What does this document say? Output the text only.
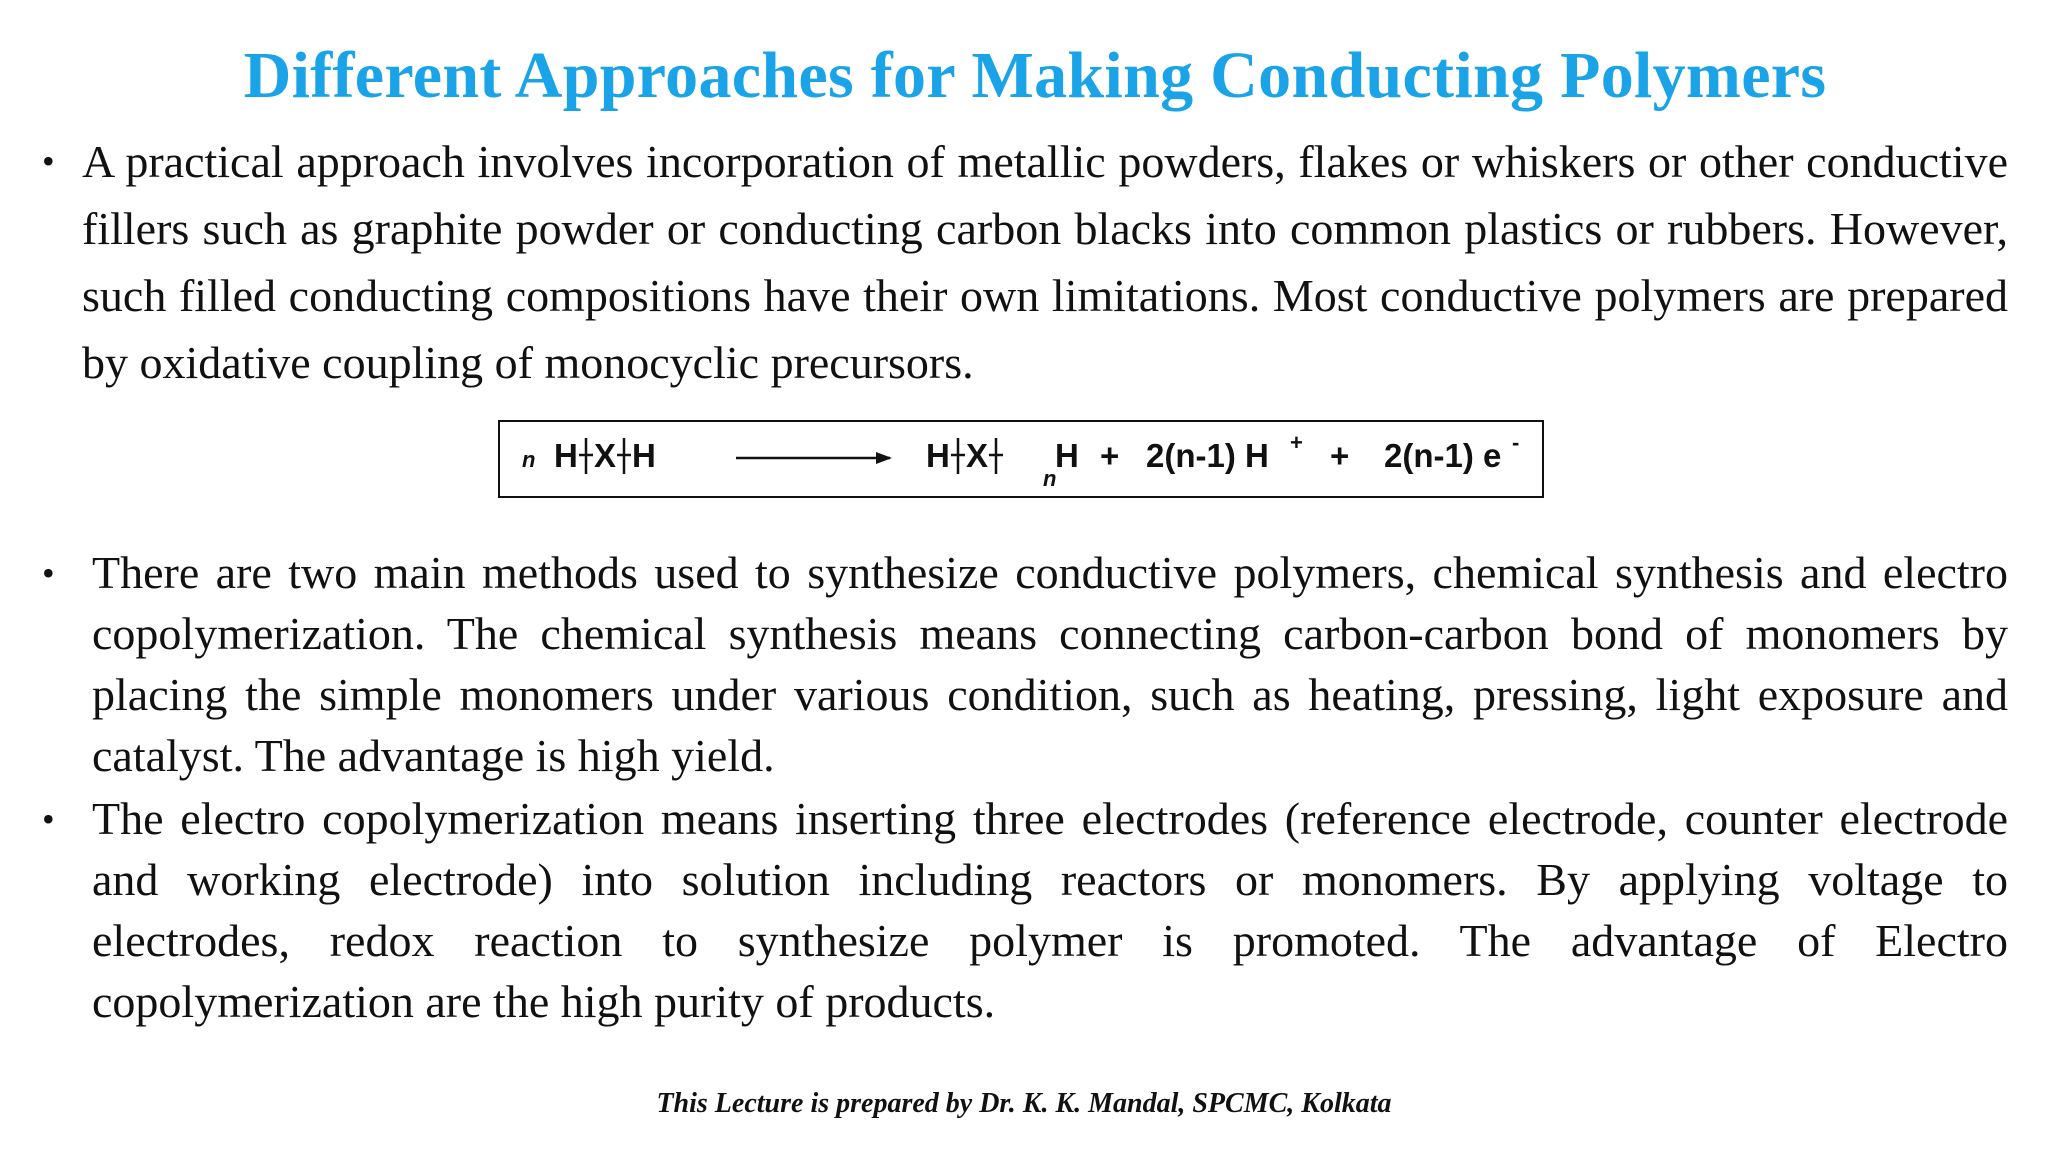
Different Approaches for Making Conducting Polymers
• A practical approach involves incorporation of metallic powders, flakes or whiskers or other conductive fillers such as graphite powder or conducting carbon blacks into common plastics or rubbers. However, such filled conducting compositions have their own limitations. Most conductive polymers are prepared by oxidative coupling of monocyclic precursors.
n H X H	H X
n
H + 2(n-1) H + + 2(n-1) e -
• There are two main methods used to synthesize conductive polymers, chemical synthesis and electro copolymerization. The chemical synthesis means connecting carbon-carbon bond of monomers by placing the simple monomers under various condition, such as heating, pressing, light exposure and catalyst. The advantage is high yield.
• The electro copolymerization means inserting three electrodes (reference electrode, counter electrode and working electrode) into solution including reactors or monomers. By applying voltage to electrodes, redox reaction to synthesize polymer is promoted. The advantage of Electro copolymerization are the high purity of products.
This Lecture is prepared by Dr. K. K. Mandal, SPCMC, Kolkata
